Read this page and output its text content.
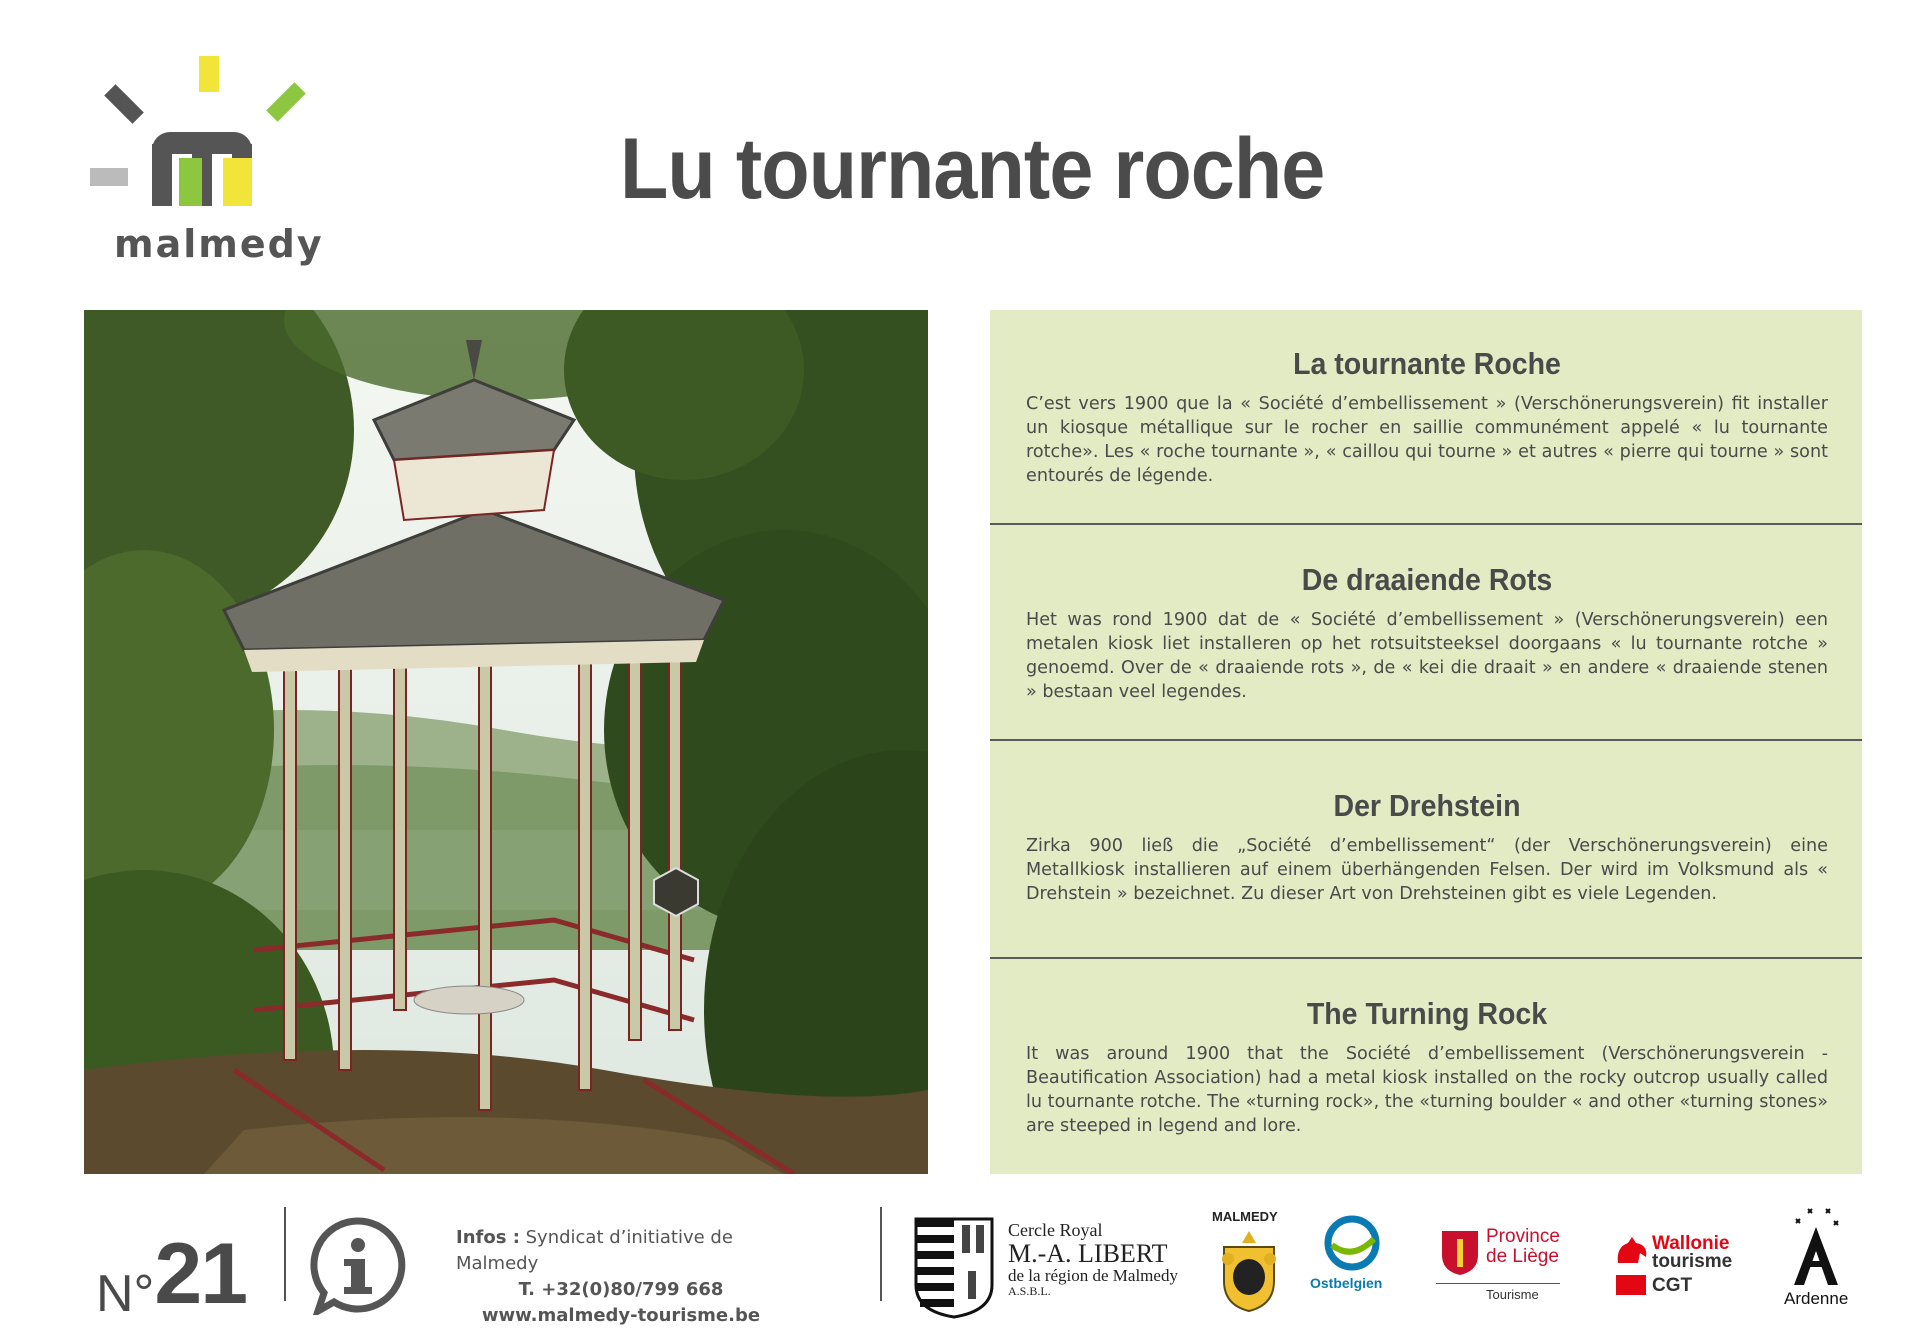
malmedy
Lu tournante roche
La tournante Roche

C’est vers 1900 que la « Société d’embellissement » (Verschönerungsverein) fit installer un kiosque métallique sur le rocher en saillie communément appelé « lu tournante rotche». Les « roche tournante », « caillou qui tourne » et autres « pierre qui tourne » sont entourés de légende.

De draaiende Rots

Het was rond 1900 dat de « Société d’embellissement » (Verschönerungsverein) een metalen kiosk liet installeren op het rotsuitsteeksel doorgaans « lu tournante rotche » genoemd. Over de « draaiende rots », de « kei die draait » en andere « draaiende stenen » bestaan veel legendes.

Der Drehstein

Zirka 900 ließ die „Société d’embellissement“ (der Verschönerungsverein) eine Metallkiosk installieren auf einem überhängenden Felsen. Der wird im Volksmund als « Drehstein » bezeichnet. Zu dieser Art von Drehsteinen gibt es viele Legenden.

The Turning Rock

It was around 1900 that the Société d’embellissement (Verschönerungsverein - Beautification Association) had a metal kiosk installed on the rocky outcrop usually called lu tournante rotche. The «turning rock», the «turning boulder « and other «turning stones» are steeped in legend and lore.

N°21	Infos : Syndicat d’initiative de Malmedy
T. +32(0)80/799 668
www.malmedy-tourisme.be
Cercle Royal
M.-A. LIBERT
de la région de Malmedy
A.S.B.L.
MALMEDY
Ostbelgien
Province
de Liège
Tourisme
Wallonie
tourisme
CGT
Ardenne
